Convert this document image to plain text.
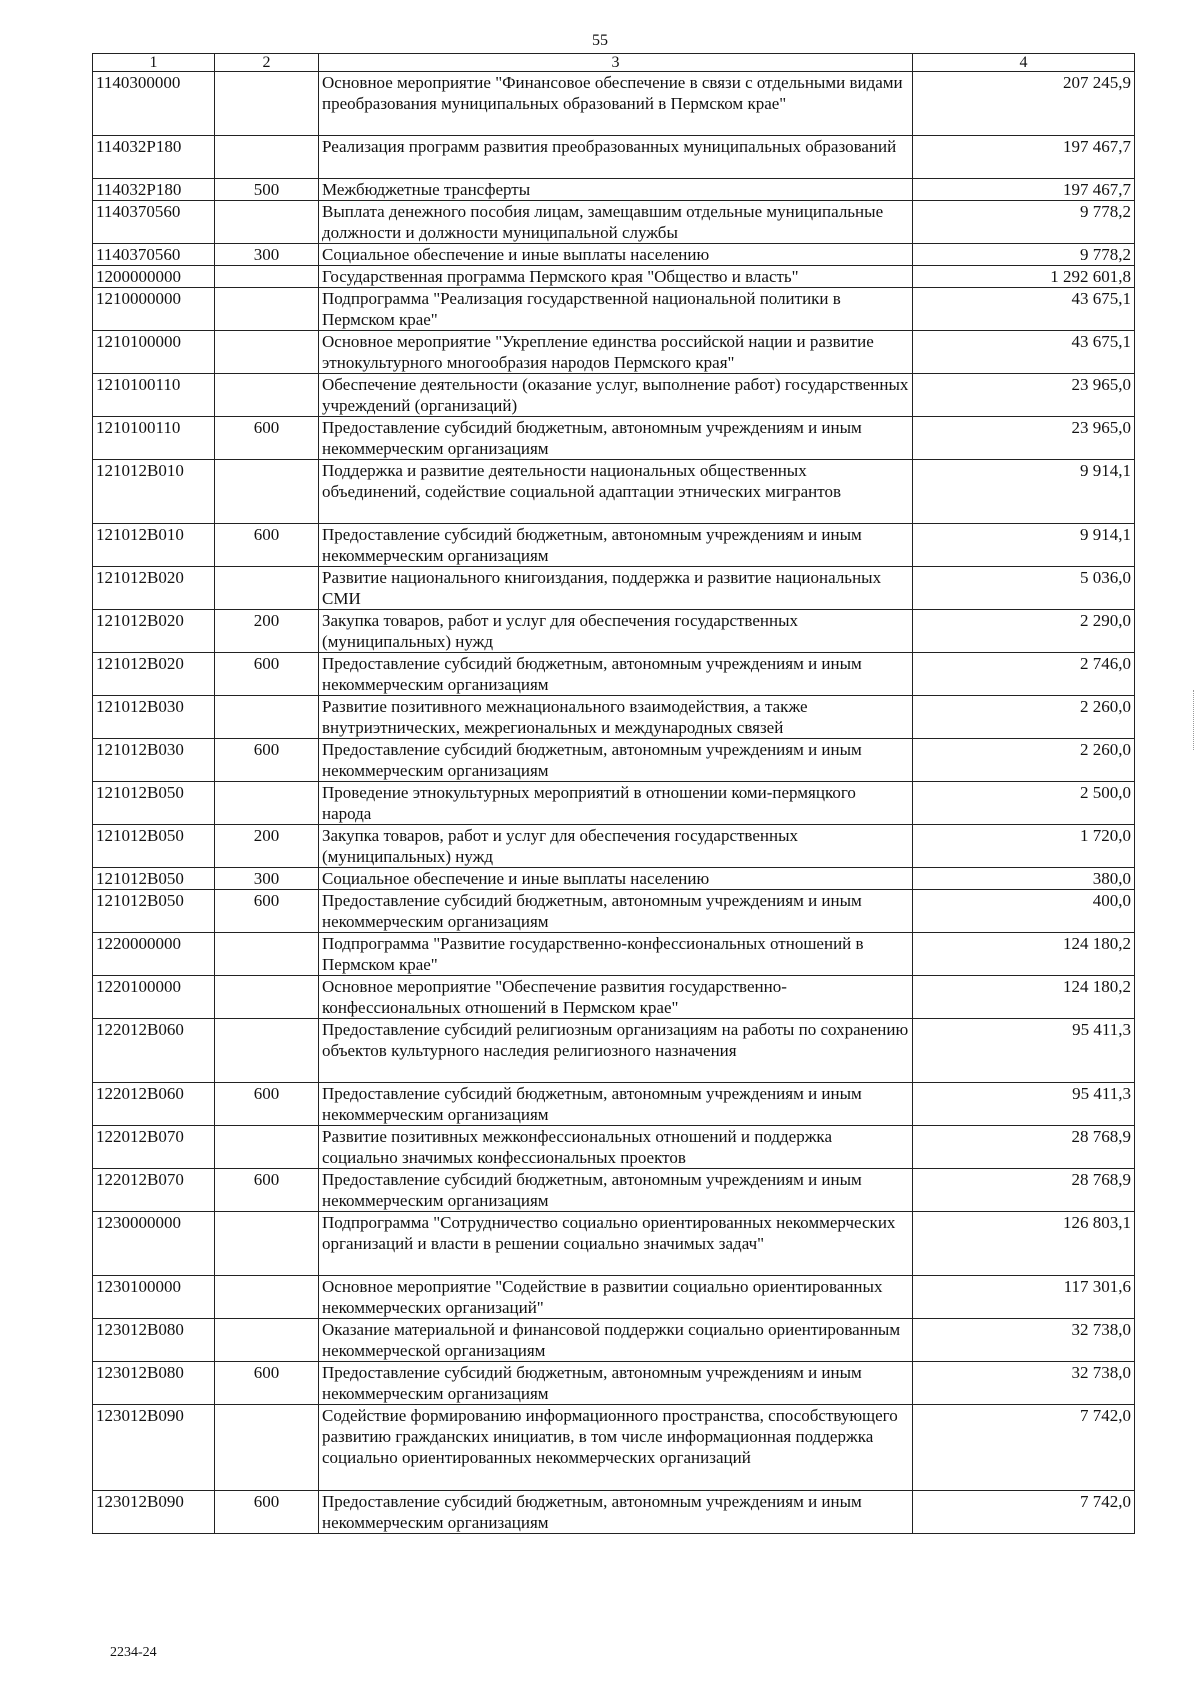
55
1	2	3	4
1140300000		Основное мероприятие "Финансовое обеспечение в связи с отдельными видами преобразования муниципальных образований в Пермском крае"	207 245,9
114032P180		Реализация программ развития преобразованных муниципальных образований	197 467,7
114032P180	500	Межбюджетные трансферты	197 467,7
1140370560		Выплата денежного пособия лицам, замещавшим отдельные муниципальные должности и должности муниципальной службы	9 778,2
1140370560	300	Социальное обеспечение и иные выплаты населению	9 778,2
1200000000		Государственная программа Пермского края "Общество и власть"	1 292 601,8
1210000000		Подпрограмма "Реализация государственной национальной политики в Пермском крае"	43 675,1
1210100000		Основное мероприятие "Укрепление единства российской нации и развитие этнокультурного многообразия народов Пермского края"	43 675,1
1210100110		Обеспечение деятельности (оказание услуг, выполнение работ) государственных учреждений (организаций)	23 965,0
1210100110	600	Предоставление субсидий бюджетным, автономным учреждениям и иным некоммерческим организациям	23 965,0
121012B010		Поддержка и развитие деятельности национальных общественных объединений, содействие социальной адаптации этнических мигрантов	9 914,1
121012B010	600	Предоставление субсидий бюджетным, автономным учреждениям и иным некоммерческим организациям	9 914,1
121012B020		Развитие национального книгоиздания, поддержка и развитие национальных СМИ	5 036,0
121012B020	200	Закупка товаров, работ и услуг для обеспечения государственных (муниципальных) нужд	2 290,0
121012B020	600	Предоставление субсидий бюджетным, автономным учреждениям и иным некоммерческим организациям	2 746,0
121012B030		Развитие позитивного межнационального взаимодействия, а также внутриэтнических, межрегиональных и международных связей	2 260,0
121012B030	600	Предоставление субсидий бюджетным, автономным учреждениям и иным некоммерческим организациям	2 260,0
121012B050		Проведение этнокультурных мероприятий в отношении коми-пермяцкого народа	2 500,0
121012B050	200	Закупка товаров, работ и услуг для обеспечения государственных (муниципальных) нужд	1 720,0
121012B050	300	Социальное обеспечение и иные выплаты населению	380,0
121012B050	600	Предоставление субсидий бюджетным, автономным учреждениям и иным некоммерческим организациям	400,0
1220000000		Подпрограмма "Развитие государственно-конфессиональных отношений в Пермском крае"	124 180,2
1220100000		Основное мероприятие "Обеспечение развития государственно-конфессиональных отношений в Пермском крае"	124 180,2
122012B060		Предоставление субсидий религиозным организациям на работы по сохранению объектов культурного наследия религиозного назначения	95 411,3
122012B060	600	Предоставление субсидий бюджетным, автономным учреждениям и иным некоммерческим организациям	95 411,3
122012B070		Развитие позитивных межконфессиональных отношений и поддержка социально значимых конфессиональных проектов	28 768,9
122012B070	600	Предоставление субсидий бюджетным, автономным учреждениям и иным некоммерческим организациям	28 768,9
1230000000		Подпрограмма "Сотрудничество социально ориентированных некоммерческих организаций и власти в решении социально значимых задач"	126 803,1
1230100000		Основное мероприятие "Содействие в развитии социально ориентированных некоммерческих организаций"	117 301,6
123012B080		Оказание материальной и финансовой поддержки социально ориентированным некоммерческой организациям	32 738,0
123012B080	600	Предоставление субсидий бюджетным, автономным учреждениям и иным некоммерческим организациям	32 738,0
123012B090		Содействие формированию информационного пространства, способствующего развитию гражданских инициатив, в том числе информационная поддержка социально ориентированных некоммерческих организаций	7 742,0
123012B090	600	Предоставление субсидий бюджетным, автономным учреждениям и иным некоммерческим организациям	7 742,0
2234-24
